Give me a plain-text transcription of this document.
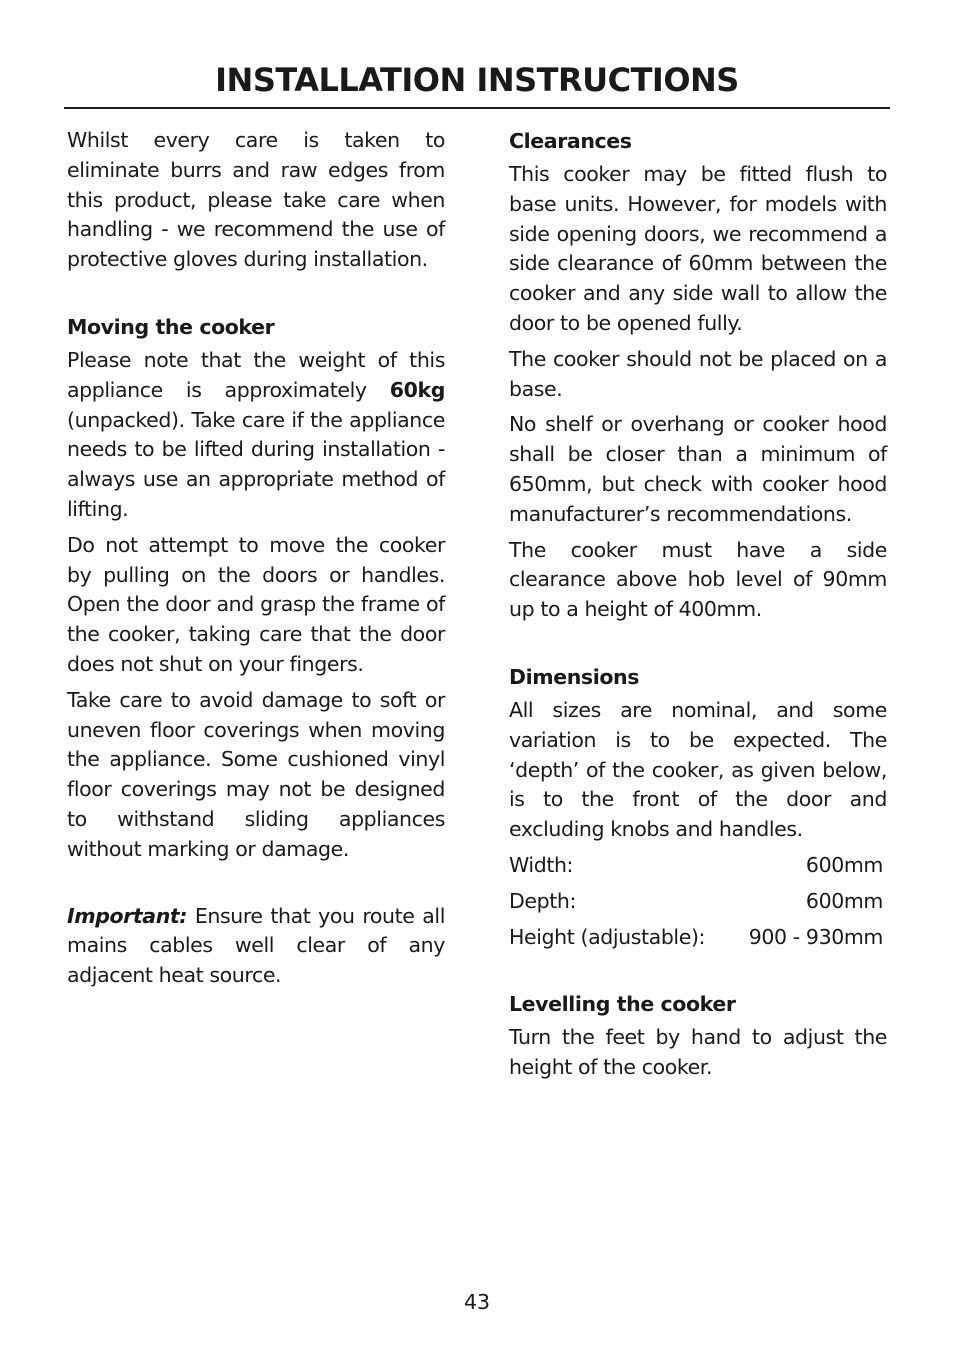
INSTALLATION INSTRUCTIONS

Whilst every care is taken to eliminate burrs and raw edges from this product, please take care when handling - we recommend the use of protective gloves during installation.

Moving the cooker

Please note that the weight of this appliance is approximately 60kg (unpacked). Take care if the appliance needs to be lifted during installation - always use an appropriate method of lifting.

Do not attempt to move the cooker by pulling on the doors or handles. Open the door and grasp the frame of the cooker, taking care that the door does not shut on your fingers.

Take care to avoid damage to soft or uneven floor coverings when moving the appliance. Some cushioned vinyl floor coverings may not be designed to withstand sliding appliances without marking or damage.

Important: Ensure that you route all mains cables well clear of any adjacent heat source.

Clearances

This cooker may be fitted flush to base units. However, for models with side opening doors, we recommend a side clearance of 60mm between the cooker and any side wall to allow the door to be opened fully.

The cooker should not be placed on a base.

No shelf or overhang or cooker hood shall be closer than a minimum of 650mm, but check with cooker hood manufacturer’s recommendations.

The cooker must have a side clearance above hob level of 90mm up to a height of 400mm.

Dimensions

All sizes are nominal, and some variation is to be expected. The ‘depth’ of the cooker, as given below, is to the front of the door and excluding knobs and handles.

Width:	600mm
Depth:	600mm
Height (adjustable): 900 - 930mm
Levelling the cooker

Turn the feet by hand to adjust the height of the cooker.

43
